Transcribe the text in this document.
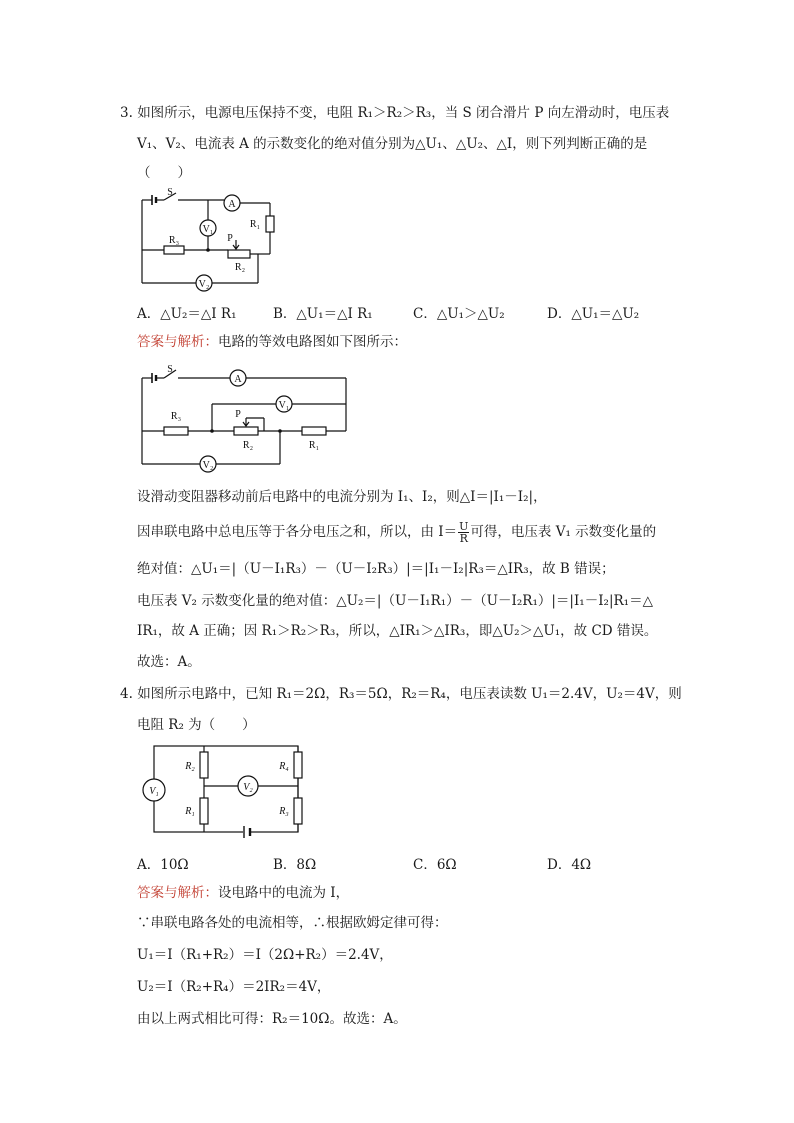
3. 如图所示，电源电压保持不变，电阻 R₁＞R₂＞R₃，当 S 闭合滑片 P 向左滑动时，电压表
V₁、V₂、电流表 A 的示数变化的绝对值分别为△U₁、△U₂、△I，则下列判断正确的是
（　　）
S
A
R₁
V₁
R₃	P
R₂
V₂
A．△U₂＝△I R₁	B．△U₁＝△I R₁	C．△U₁＞△U₂	D．△U₁＝△U₂
答案与解析：电路的等效电路图如下图所示：
S
A
V₁
R₃	P
R₂	R₁
V₂
设滑动变阻器移动前后电路中的电流分别为 I₁、I₂，则△I＝|I₁－I₂|，
因串联电路中总电压等于各分电压之和，所以，由 $I= \frac{U}{R}$ 可得，电压表 V₁ 示数变化量的
绝对值：△U₁＝|（U－I₁R₃）－（U－I₂R₃）|＝|I₁－I₂|R₃＝△IR₃，故 B 错误；
电压表 V₂ 示数变化量的绝对值：△U₂＝|（U－I₁R₁）－（U－I₂R₁）|＝|I₁－I₂|R₁＝△
IR₁，故 A 正确；因 R₁＞R₂＞R₃，所以，△IR₁＞△IR₃，即△U₂＞△U₁，故 CD 错误。
故选：A。
4. 如图所示电路中，已知 R₁＝2Ω，R₃＝5Ω，R₂＝R₄，电压表读数 U₁＝2.4V，U₂＝4V，则
电阻 R₂ 为（　　）
V₁	V₂
R₂
R₁
R₄
R₃
A．10Ω	B．8Ω	C．6Ω	D．4Ω
答案与解析：设电路中的电流为 I，
∵串联电路各处的电流相等，∴根据欧姆定律可得：
U₁＝I（R₁+R₂）＝I（2Ω+R₂）＝2.4V，
U₂＝I（R₂+R₄）＝2IR₂＝4V，
由以上两式相比可得：R₂＝10Ω。故选：A。
